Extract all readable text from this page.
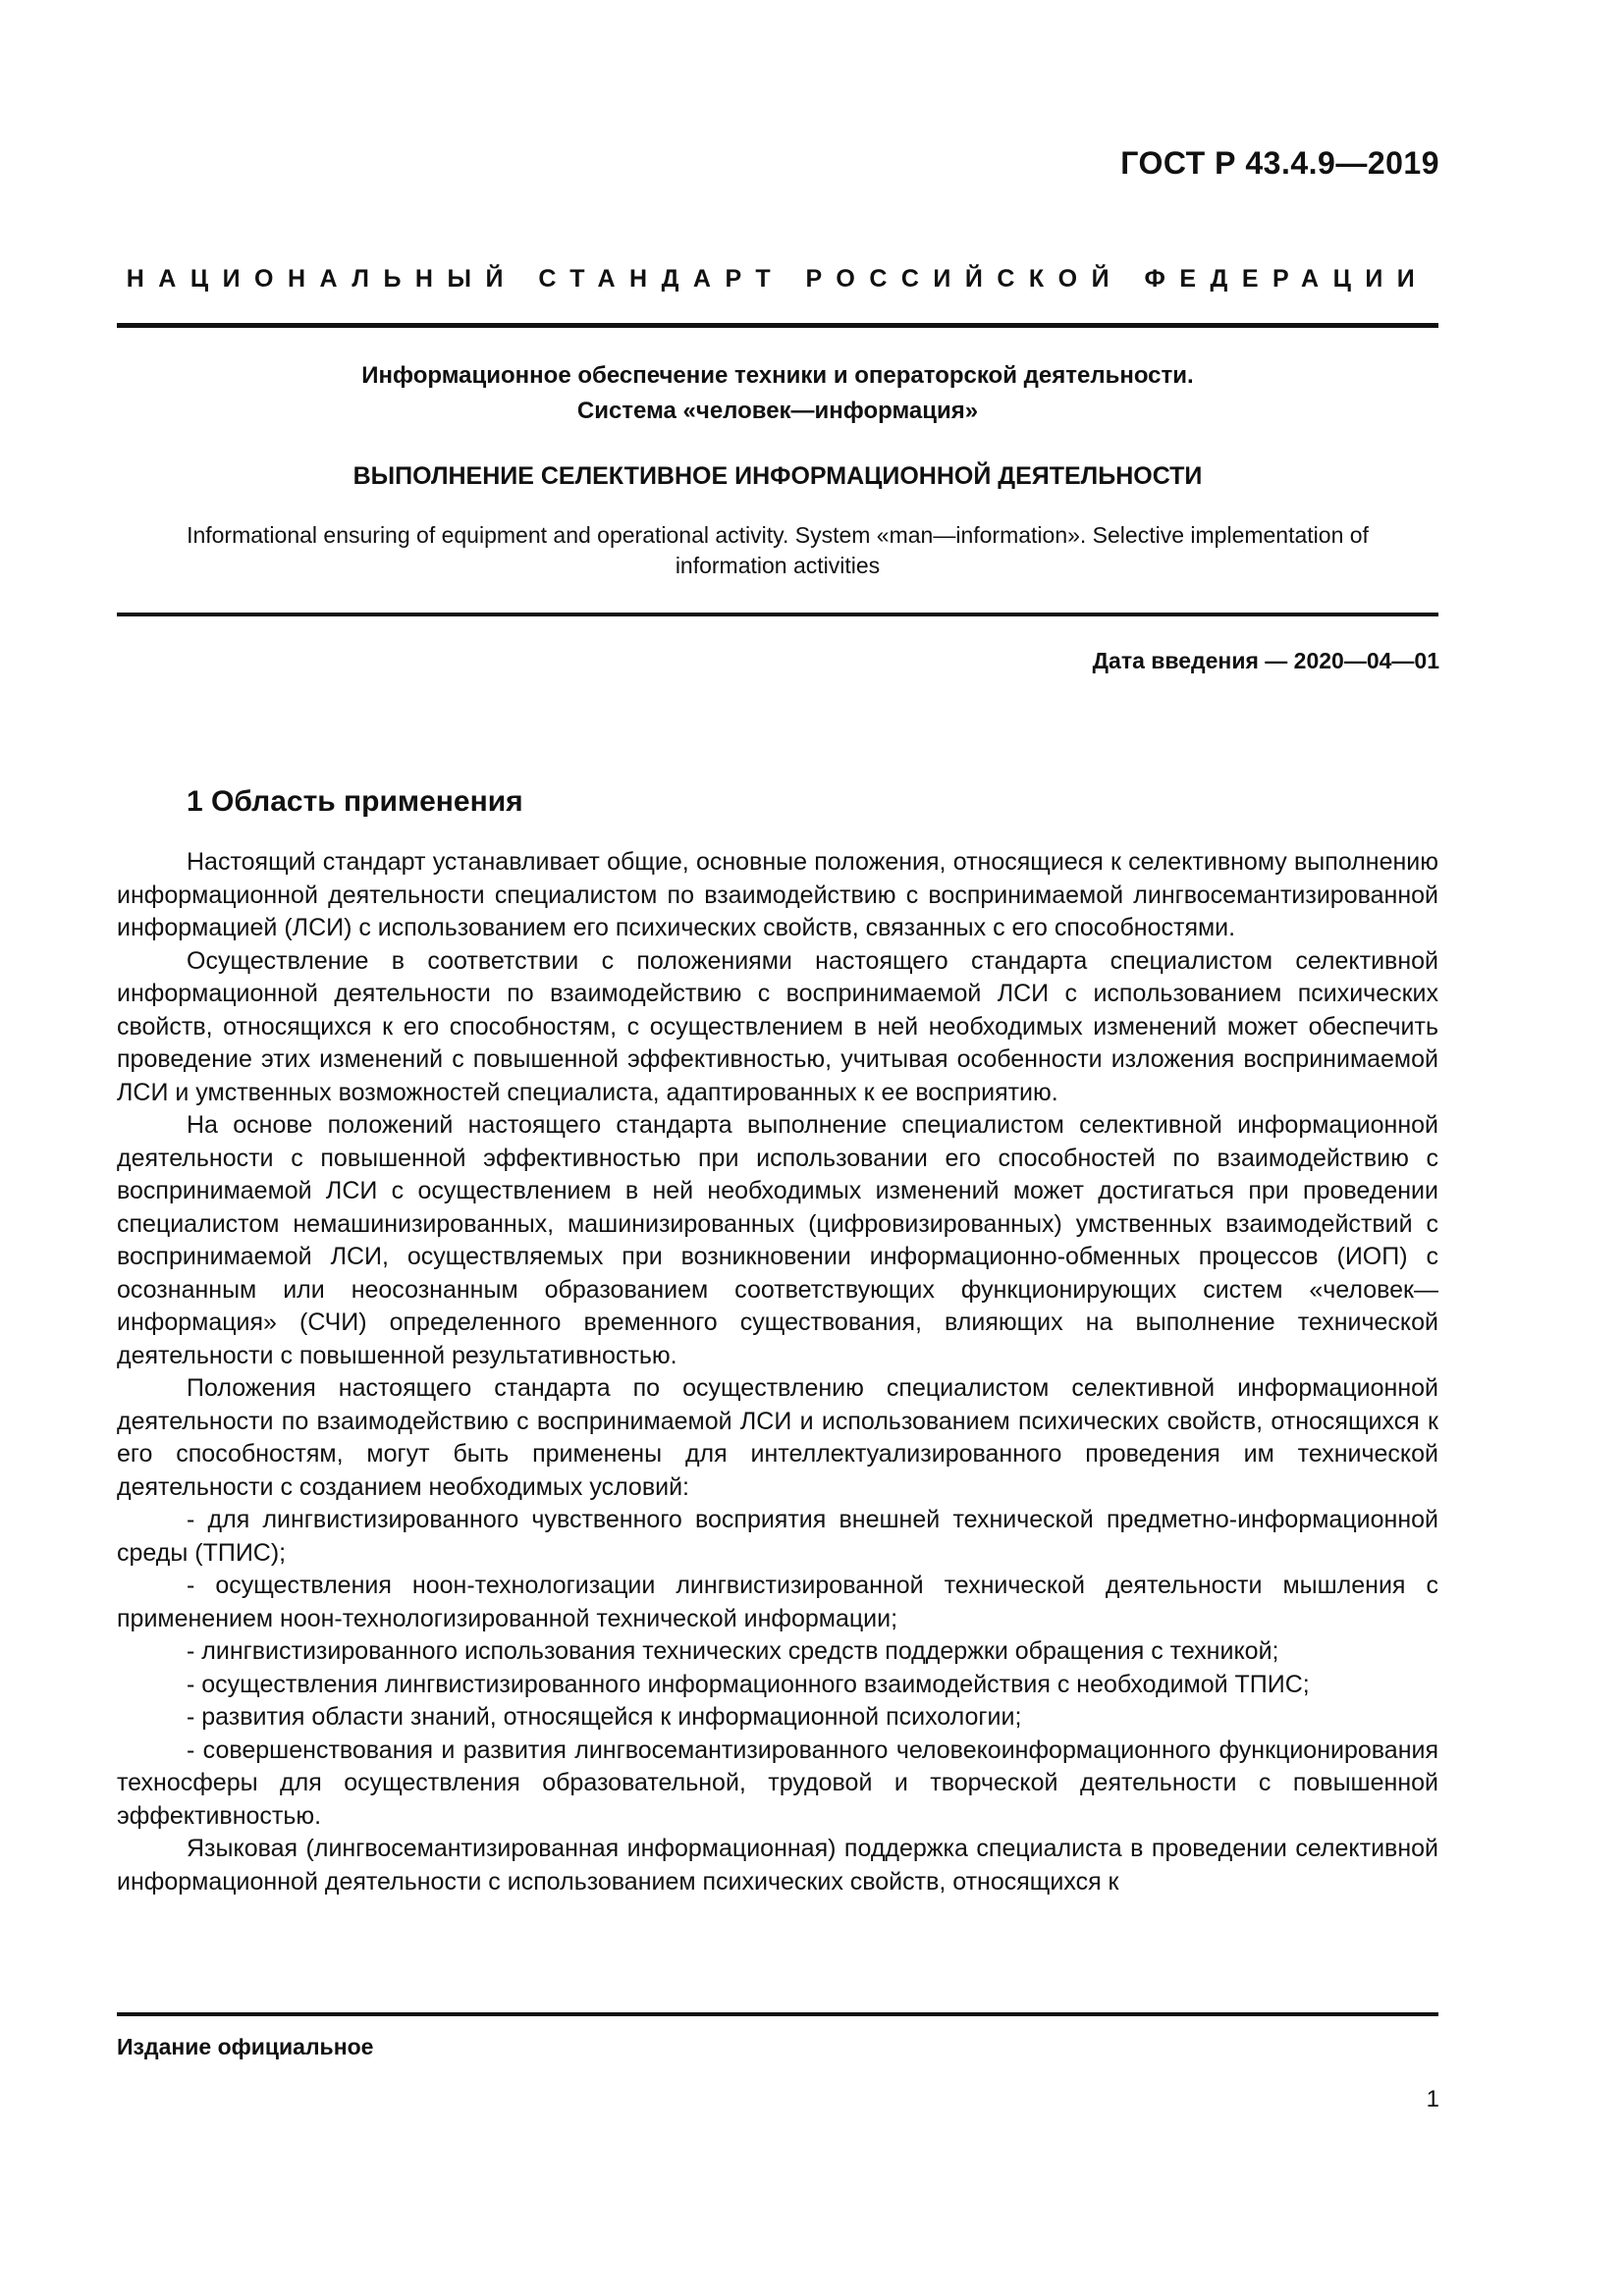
ГОСТ Р 43.4.9—2019
НАЦИОНАЛЬНЫЙ СТАНДАРТ РОССИЙСКОЙ ФЕДЕРАЦИИ
Информационное обеспечение техники и операторской деятельности.
Система «человек—информация»
ВЫПОЛНЕНИЕ СЕЛЕКТИВНОЕ ИНФОРМАЦИОННОЙ ДЕЯТЕЛЬНОСТИ
Informational ensuring of equipment and operational activity. System «man—information». Selective implementation of
information activities
Дата введения — 2020—04—01
1 Область применения

Настоящий стандарт устанавливает общие, основные положения, относящиеся к селективному выполнению информационной деятельности специалистом по взаимодействию с воспринимаемой лингвосемантизированной информацией (ЛСИ) с использованием его психических свойств, связанных с его способностями.

Осуществление в соответствии с положениями настоящего стандарта специалистом селективной информационной деятельности по взаимодействию с воспринимаемой ЛСИ с использованием психических свойств, относящихся к его способностям, с осуществлением в ней необходимых изменений может обеспечить проведение этих изменений с повышенной эффективностью, учитывая особенности изложения воспринимаемой ЛСИ и умственных возможностей специалиста, адаптированных к ее восприятию.

На основе положений настоящего стандарта выполнение специалистом селективной информационной деятельности с повышенной эффективностью при использовании его способностей по взаимодействию с воспринимаемой ЛСИ с осуществлением в ней необходимых изменений может достигаться при проведении специалистом немашинизированных, машинизированных (цифровизированных) умственных взаимодействий с воспринимаемой ЛСИ, осуществляемых при возникновении информационно-обменных процессов (ИОП) с осознанным или неосознанным образованием соответствующих функционирующих систем «человек—информация» (СЧИ) определенного временного существования, влияющих на выполнение технической деятельности с повышенной результативностью.

Положения настоящего стандарта по осуществлению специалистом селективной информационной деятельности по взаимодействию с воспринимаемой ЛСИ и использованием психических свойств, относящихся к его способностям, могут быть применены для интеллектуализированного проведения им технической деятельности с созданием необходимых условий:

- для лингвистизированного чувственного восприятия внешней технической предметно-информационной среды (ТПИС);

- осуществления ноон-технологизации лингвистизированной технической деятельности мышления с применением ноон-технологизированной технической информации;

- лингвистизированного использования технических средств поддержки обращения с техникой;

- осуществления лингвистизированного информационного взаимодействия с необходимой ТПИС;

- развития области знаний, относящейся к информационной психологии;

- совершенствования и развития лингвосемантизированного человекоинформационного функционирования техносферы для осуществления образовательной, трудовой и творческой деятельности с повышенной эффективностью.

Языковая (лингвосемантизированная информационная) поддержка специалиста в проведении селективной информационной деятельности с использованием психических свойств, относящихся к

Издание официальное
1
